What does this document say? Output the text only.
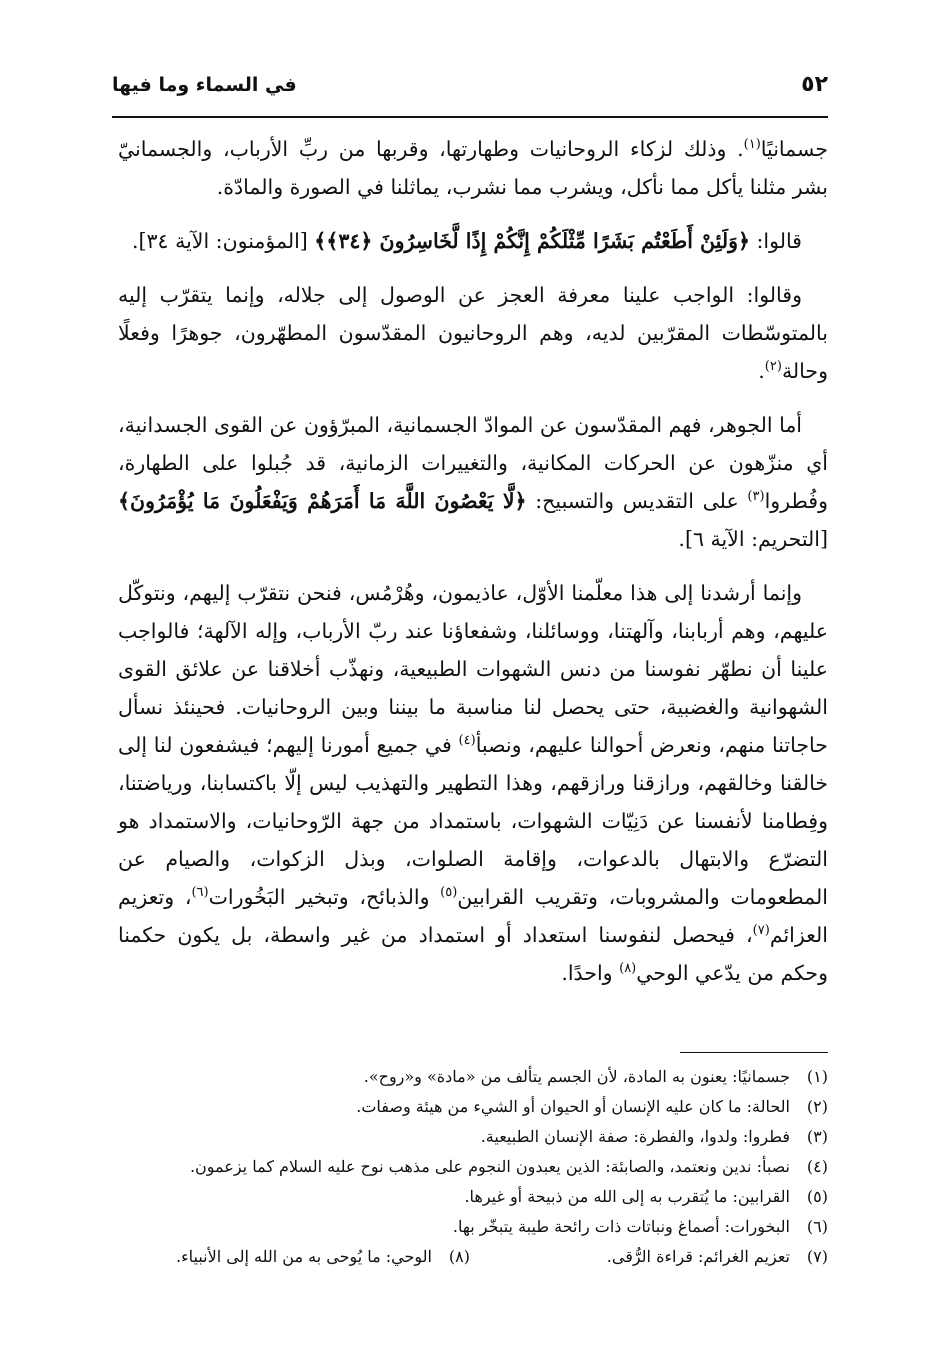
٥٢
في السماء وما فيها

جسمانيًا$^{(١)}$. وذلك لزكاء الروحانيات وطهارتها، وقربها من ربِّ الأرباب، والجسمانيّ بشر مثلنا يأكل مما نأكل، ويشرب مما نشرب، يماثلنا في الصورة والمادّة.

قالوا: ﴿وَلَئِنْ أَطَعْتُم بَشَرًا مِّثْلَكُمْ إِنَّكُمْ إِذًا لَّخَاسِرُونَ ﴿٣٤﴾﴾ [المؤمنون: الآية ٣٤].

وقالوا: الواجب علينا معرفة العجز عن الوصول إلى جلاله، وإنما يتقرّب إليه بالمتوسّطات المقرّبين لديه، وهم الروحانيون المقدّسون المطهّرون، جوهرًا وفعلًا وحالة$^{(٢)}$.

أما الجوهر، فهم المقدّسون عن الموادّ الجسمانية، المبرّؤون عن القوى الجسدانية، أي منزّهون عن الحركات المكانية، والتغييرات الزمانية، قد جُبلوا على الطهارة، وفُطروا$^{(٣)}$ على التقديس والتسبيح: ﴿لَّا يَعْصُونَ اللَّهَ مَا أَمَرَهُمْ وَيَفْعَلُونَ مَا يُؤْمَرُونَ﴾ [التحريم: الآية ٦].

وإنما أرشدنا إلى هذا معلّمنا الأوّل، عاذيمون، وهُرْمُس، فنحن نتقرّب إليهم، ونتوكّل عليهم، وهم أربابنا، وآلهتنا، ووسائلنا، وشفعاؤنا عند ربّ الأرباب، وإله الآلهة؛ فالواجب علينا أن نطهّر نفوسنا من دنس الشهوات الطبيعية، ونهذّب أخلاقنا عن علائق القوى الشهوانية والغضبية، حتى يحصل لنا مناسبة ما بيننا وبين الروحانيات. فحينئذ نسأل حاجاتنا منهم، ونعرض أحوالنا عليهم، ونصبأ$^{(٤)}$ في جميع أمورنا إليهم؛ فيشفعون لنا إلى خالقنا وخالقهم، ورازقنا ورازقهم، وهذا التطهير والتهذيب ليس إلّا باكتسابنا، ورياضتنا، وفِطامنا لأنفسنا عن دَنِيّات الشهوات، باستمداد من جهة الرّوحانيات، والاستمداد هو التضرّع والابتهال بالدعوات، وإقامة الصلوات، وبذل الزكوات، والصيام عن المطعومات والمشروبات، وتقريب القرابين$^{(٥)}$ والذبائح، وتبخير البَخُورات$^{(٦)}$، وتعزيم العزائم$^{(٧)}$، فيحصل لنفوسنا استعداد أو استمداد من غير واسطة، بل يكون حكمنا وحكم من يدّعي الوحي$^{(٨)}$ واحدًا.

(١)
جسمانيًا: يعنون به المادة، لأن الجسم يتألف من «مادة» و«روح».
(٢)
الحالة: ما كان عليه الإنسان أو الحيوان أو الشيء من هيئة وصفات.
(٣)
فطروا: ولدوا، والفطرة: صفة الإنسان الطبيعية.
(٤)
نصبأ: ندين ونعتمد، والصابئة: الذين يعبدون النجوم على مذهب نوح عليه السلام كما يزعمون.
(٥)
القرابين: ما يُتقرب به إلى الله من ذبيحة أو غيرها.
(٦)
البخورات: أصماغ ونباتات ذات رائحة طيبة يتبخّر بها.
(٧)
تعزيم الغرائم: قراءة الرُّقى.
(٨)
الوحي: ما يُوحى به من الله إلى الأنبياء.
